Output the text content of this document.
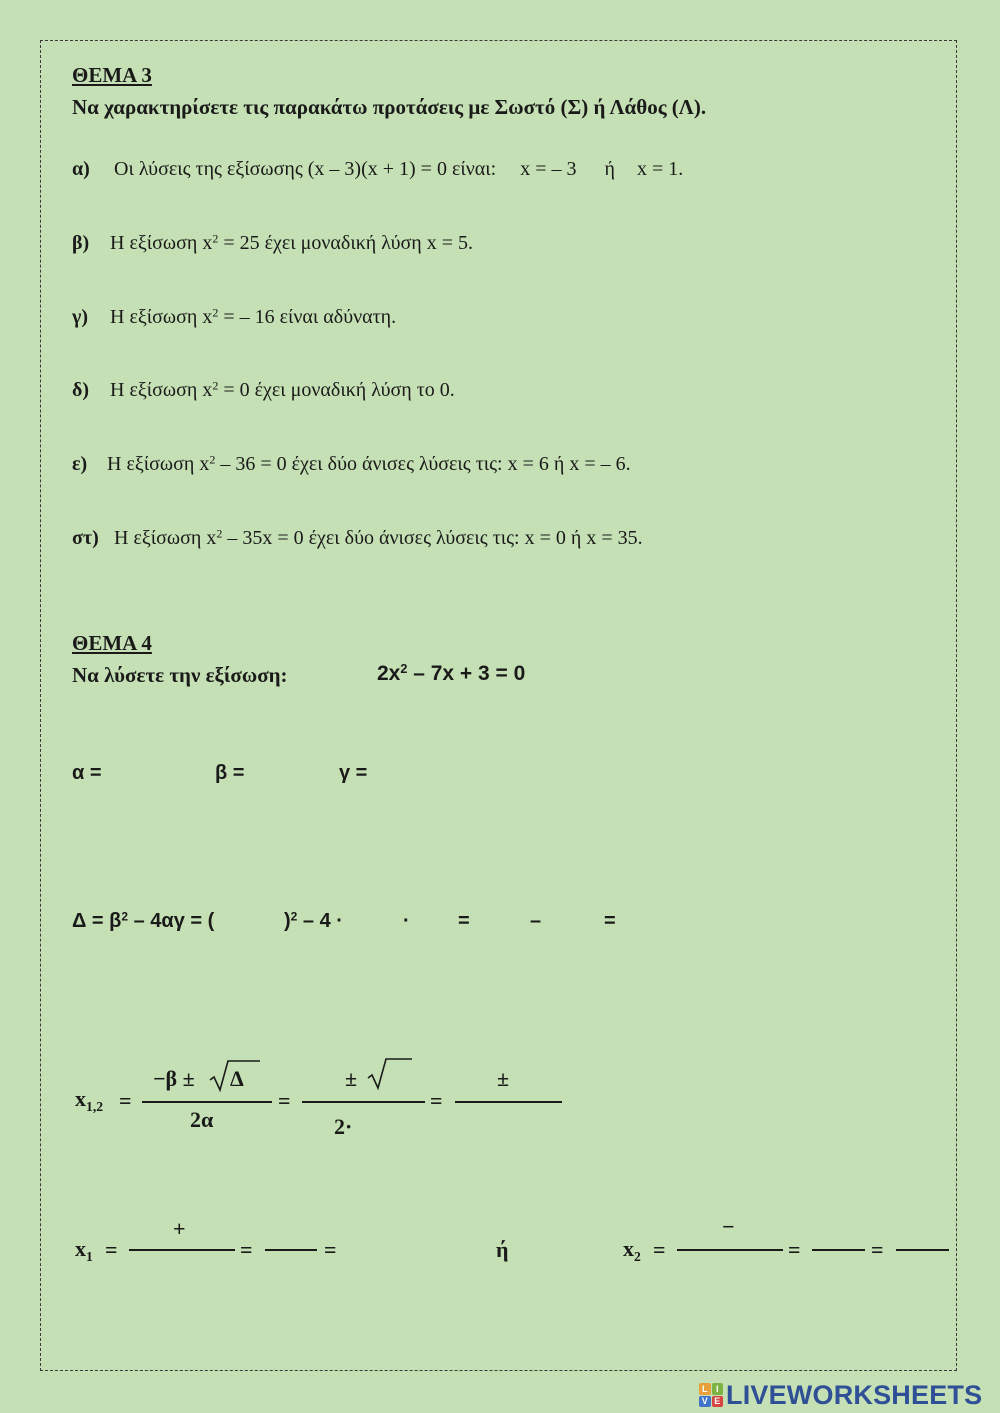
ΘΕΜΑ 3
Να χαρακτηρίσετε τις παρακάτω προτάσεις με Σωστό (Σ) ή Λάθος (Λ).
α) Οι λύσεις της εξίσωσης (x – 3)(x + 1) = 0 είναι: x = – 3 ή x = 1.
β) Η εξίσωση $x^2 = 25$ έχει μοναδική λύση x = 5.
γ) Η εξίσωση $x^2$ = – 16 είναι αδύνατη.
δ) Η εξίσωση $x^2 = 0$ έχει μοναδική λύση το 0.
ε) Η εξίσωση $x^2 - 36 = 0$ έχει δύο άνισες λύσεις τις: x = 6 ή x = – 6.
στ) Η εξίσωση $x^2 - 35x = 0$ έχει δύο άνισες λύσεις τις: x = 0 ή x = 35.
ΘΕΜΑ 4
Να λύσετε την εξίσωση:	$2x^2 - 7x + 3 = 0$
α =	β =	γ =
$\Delta = \beta^2 - 4\alpha\gamma$ = (	)$^2$ – 4 ·	· =	–	=
$x_{1,2}$ =
−β ± Δ
2α
=
±
2·
=
±
$x_1$ =
+
=	=	ή	$x_2$ =
−
=	=
L I
V E LIVEWORKSHEETS
